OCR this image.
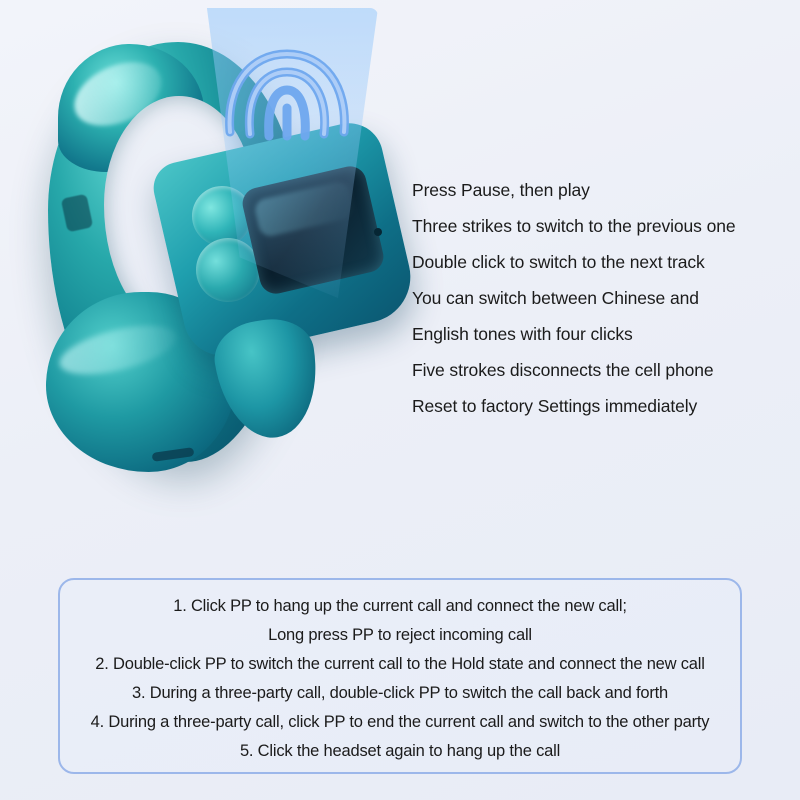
Press Pause, then play
Three strikes to switch to the previous one
Double click to switch to the next track
You can switch between Chinese and
English tones with four clicks
Five strokes disconnects the cell phone
Reset to factory Settings immediately
1. Click PP to hang up the current call and connect the new call;
Long press PP to reject incoming call
2. Double-click PP to switch the current call to the Hold state and connect the new call
3. During a three-party call, double-click PP to switch the call back and forth
4. During a three-party call, click PP to end the current call and switch to the other party
5. Click the headset again to hang up the call
